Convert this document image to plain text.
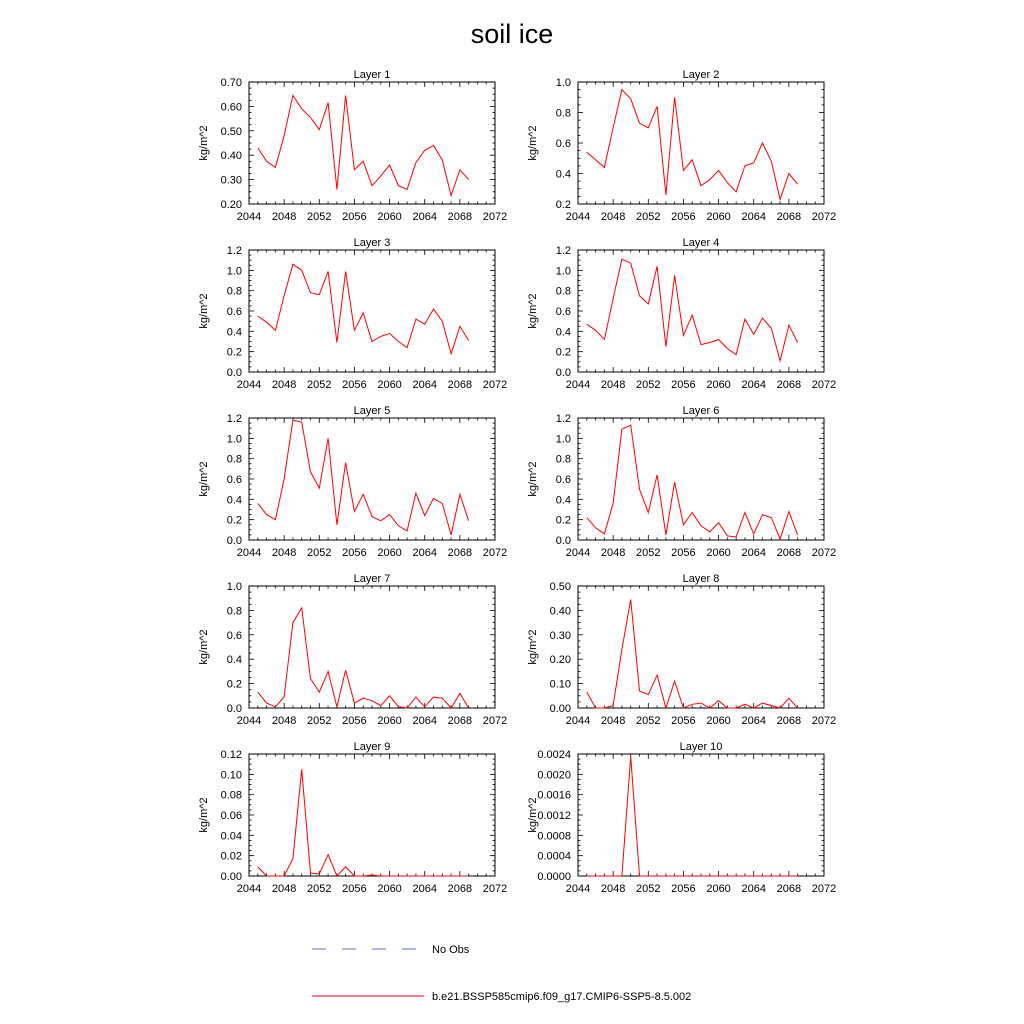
soil ice
Layer 1
2044 2048 2052 2056 2060 2064 2068 2072
0.20
0.30
0.40
0.50
0.60
0.70
kg/m^2
Layer 2
2044 2048 2052 2056 2060 2064 2068 2072
0.2
0.4
0.6
0.8
1.0
kg/m^2
Layer 3
2044 2048 2052 2056 2060 2064 2068 2072
0.0
0.2
0.4
0.6
0.8
1.0
1.2
kg/m^2
Layer 4
2044 2048 2052 2056 2060 2064 2068 2072
0.0
0.2
0.4
0.6
0.8
1.0
1.2
kg/m^2
Layer 5
2044 2048 2052 2056 2060 2064 2068 2072
0.0
0.2
0.4
0.6
0.8
1.0
1.2
kg/m^2
Layer 6
2044 2048 2052 2056 2060 2064 2068 2072
0.0
0.2
0.4
0.6
0.8
1.0
1.2
kg/m^2
Layer 7
2044 2048 2052 2056 2060 2064 2068 2072
0.0
0.2
0.4
0.6
0.8
1.0
kg/m^2
Layer 8
2044 2048 2052 2056 2060 2064 2068 2072
0.00
0.10
0.20
0.30
0.40
0.50
kg/m^2
Layer 9
2044 2048 2052 2056 2060 2064 2068 2072
0.00
0.02
0.04
0.06
0.08
0.10
0.12
kg/m^2
Layer 10
2044 2048 2052 2056 2060 2064 2068 2072
0.0000
0.0004
0.0008
0.0012
0.0016
0.0020
0.0024
kg/m^2
No Obs
b.e21.BSSP585cmip6.f09_g17.CMIP6-SSP5-8.5.002
